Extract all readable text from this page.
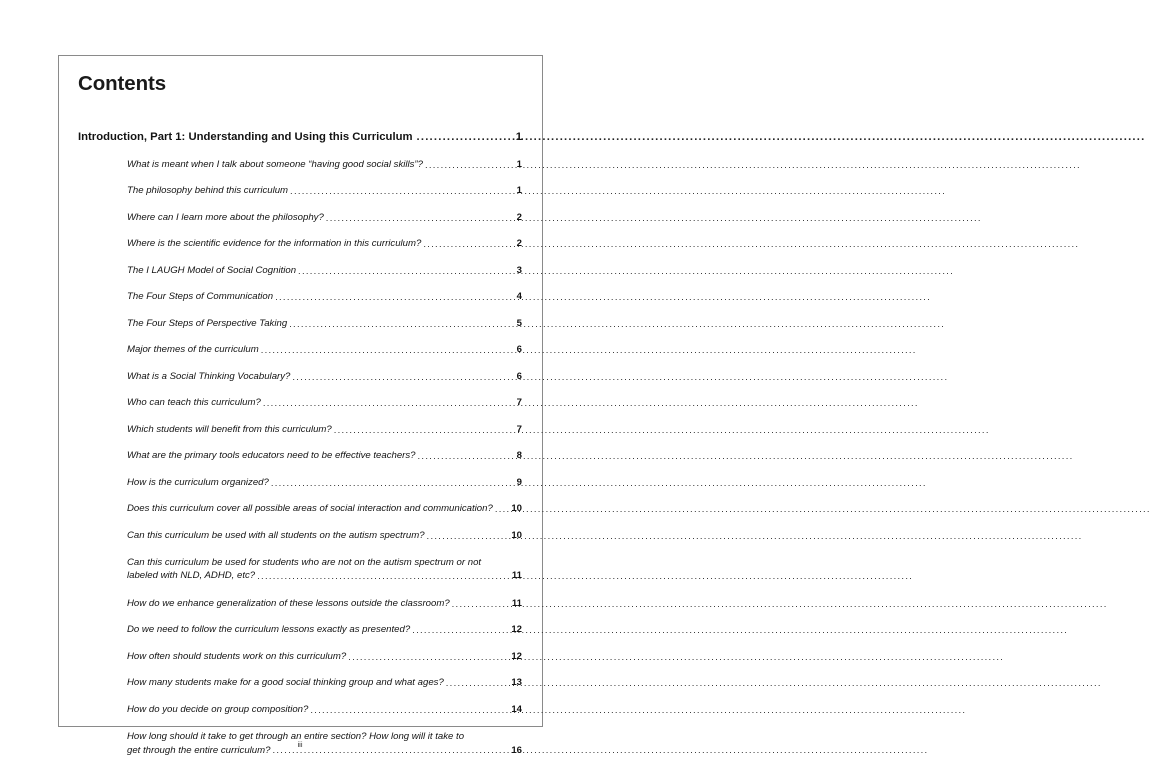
Contents
Introduction, Part 1: Understanding and Using this Curriculum .....	1
What is meant when I talk about someone “having good social skills”? .....	1
The philosophy behind this curriculum .....	1
Where can I learn more about the philosophy? .....	2
Where is the scientific evidence for the information in this curriculum? .....	2
The I LAUGH Model of Social Cognition .....	3
The Four Steps of Communication .....	4
The Four Steps of Perspective Taking .....	5
Major themes of the curriculum .....	6
What is a Social Thinking Vocabulary? .....	6
Who can teach this curriculum? .....	7
Which students will benefit from this curriculum? .....	7
What are the primary tools educators need to be effective teachers? .....	8
How is the curriculum organized? .....	9
Does this curriculum cover all possible areas of social interaction and communication? ..... 10
Can this curriculum be used with all students on the autism spectrum? .....	10
Can this curriculum be used for students who are not on the autism spectrum or not
labeled with NLD, ADHD, etc? .....	11
How do we enhance generalization of these lessons outside the classroom? .....	11
Do we need to follow the curriculum lessons exactly as presented? .....	12
How often should students work on this curriculum? .....	12
How many students make for a good social thinking group and what ages? .....	13
How do you decide on group composition? .....	14
How long should it take to get through an entire section? How long will it take to
get through the entire curriculum? .....	16
iii
